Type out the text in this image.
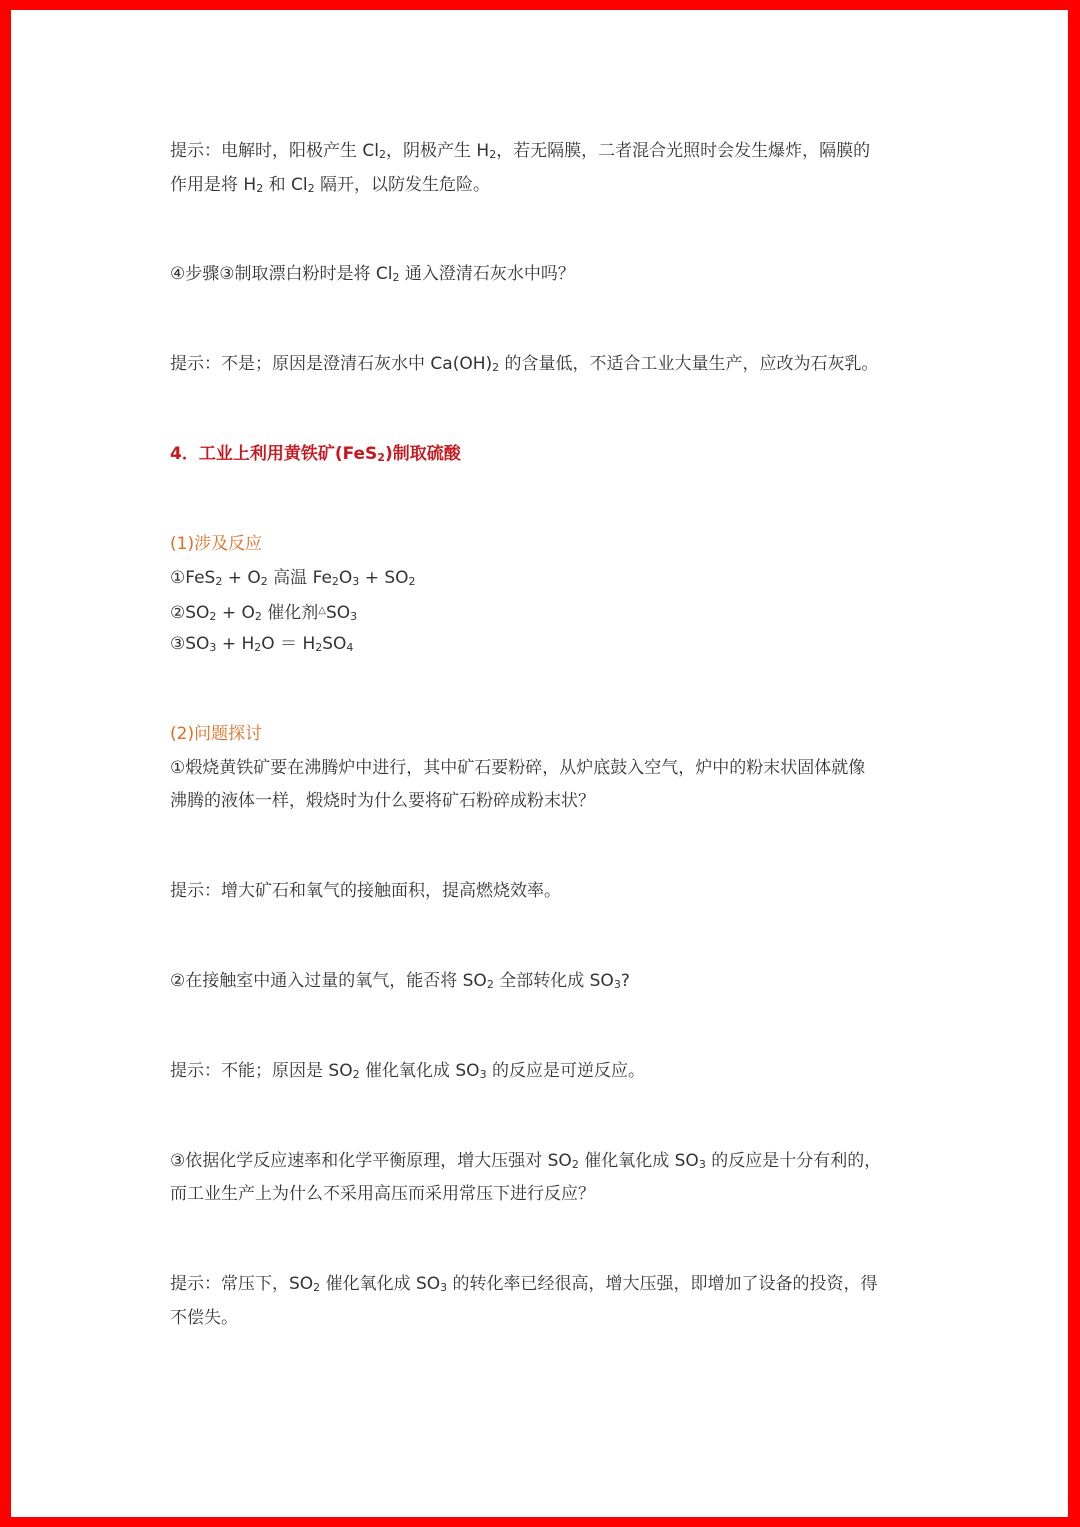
提示：电解时，阳极产生 $Cl_2$，阴极产生 $H_2$，若无隔膜，二者混合光照时会发生爆炸，隔膜的
作用是将 $H_2$ 和 $Cl_2$ 隔开，以防发生危险。
④步骤③制取漂白粉时是将 $Cl_2$ 通入澄清石灰水中吗？
提示：不是；原因是澄清石灰水中 $Ca(OH)_2$ 的含量低，不适合工业大量生产，应改为石灰乳。
4．工业上利用黄铁矿(FeS$_2$)制取硫酸
(1)涉及反应
①FeS$_2$ + $O_2$ 高温 $Fe_2O_3 + SO_2$
$②SO_2 + O_2$ 催化剂$^\triangle SO_3$
$③SO_3 + H_2O = H_2SO_4$
(2)问题探讨
①煅烧黄铁矿要在沸腾炉中进行，其中矿石要粉碎，从炉底鼓入空气，炉中的粉末状固体就像
沸腾的液体一样，煅烧时为什么要将矿石粉碎成粉末状？
提示：增大矿石和氧气的接触面积，提高燃烧效率。
②在接触室中通入过量的氧气，能否将 $SO_2$ 全部转化成 $SO_3$?
提示：不能；原因是 $SO_2$ 催化氧化成 $SO_3$ 的反应是可逆反应。
③依据化学反应速率和化学平衡原理，增大压强对 $SO_2$ 催化氧化成 $SO_3$ 的反应是十分有利的，
而工业生产上为什么不采用高压而采用常压下进行反应？
提示：常压下，$SO_2$ 催化氧化成 $SO_3$ 的转化率已经很高，增大压强，即增加了设备的投资，得
不偿失。
